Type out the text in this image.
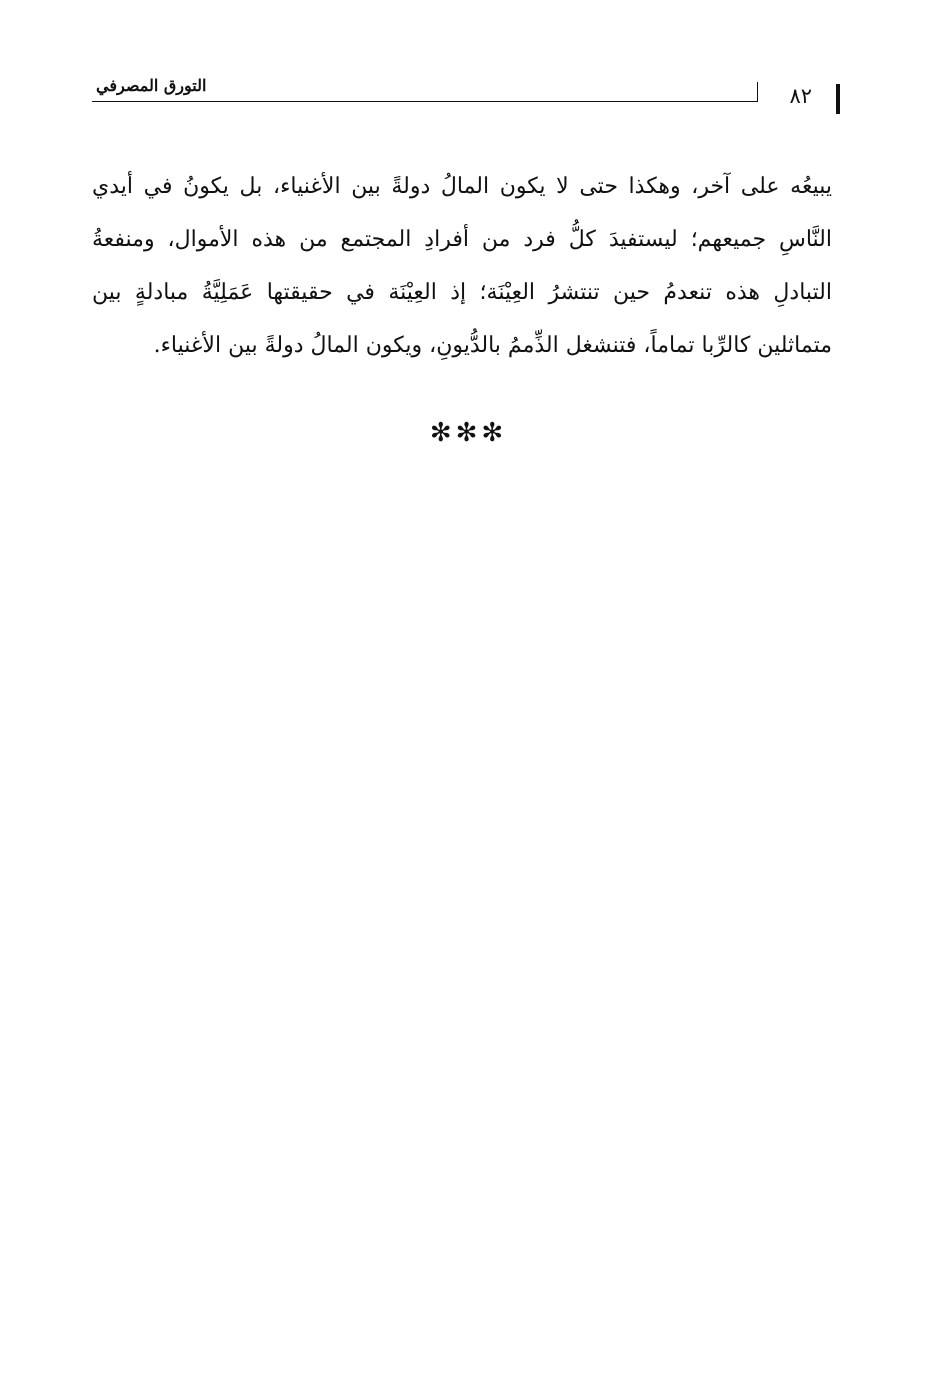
٨٢
التورق المصرفي
يبيعُه على آخر، وهكذا حتى لا يكون المالُ دولةً بين الأغنياء، بل يكونُ في أيدي النَّاسِ جميعهم؛ ليستفيدَ كلُّ فرد من أفرادِ المجتمع من هذه الأموال، ومنفعةُ التبادلِ هذه تنعدمُ حين تنتشرُ العِيْنَة؛ إذ العِيْنَة في حقيقتها عَمَلِيَّةُ مبادلةٍ بين متماثلين كالرِّبا تماماً، فتنشغل الذِّممُ بالدُّيونِ، ويكون المالُ دولةً بين الأغنياء.
✻✻✻
